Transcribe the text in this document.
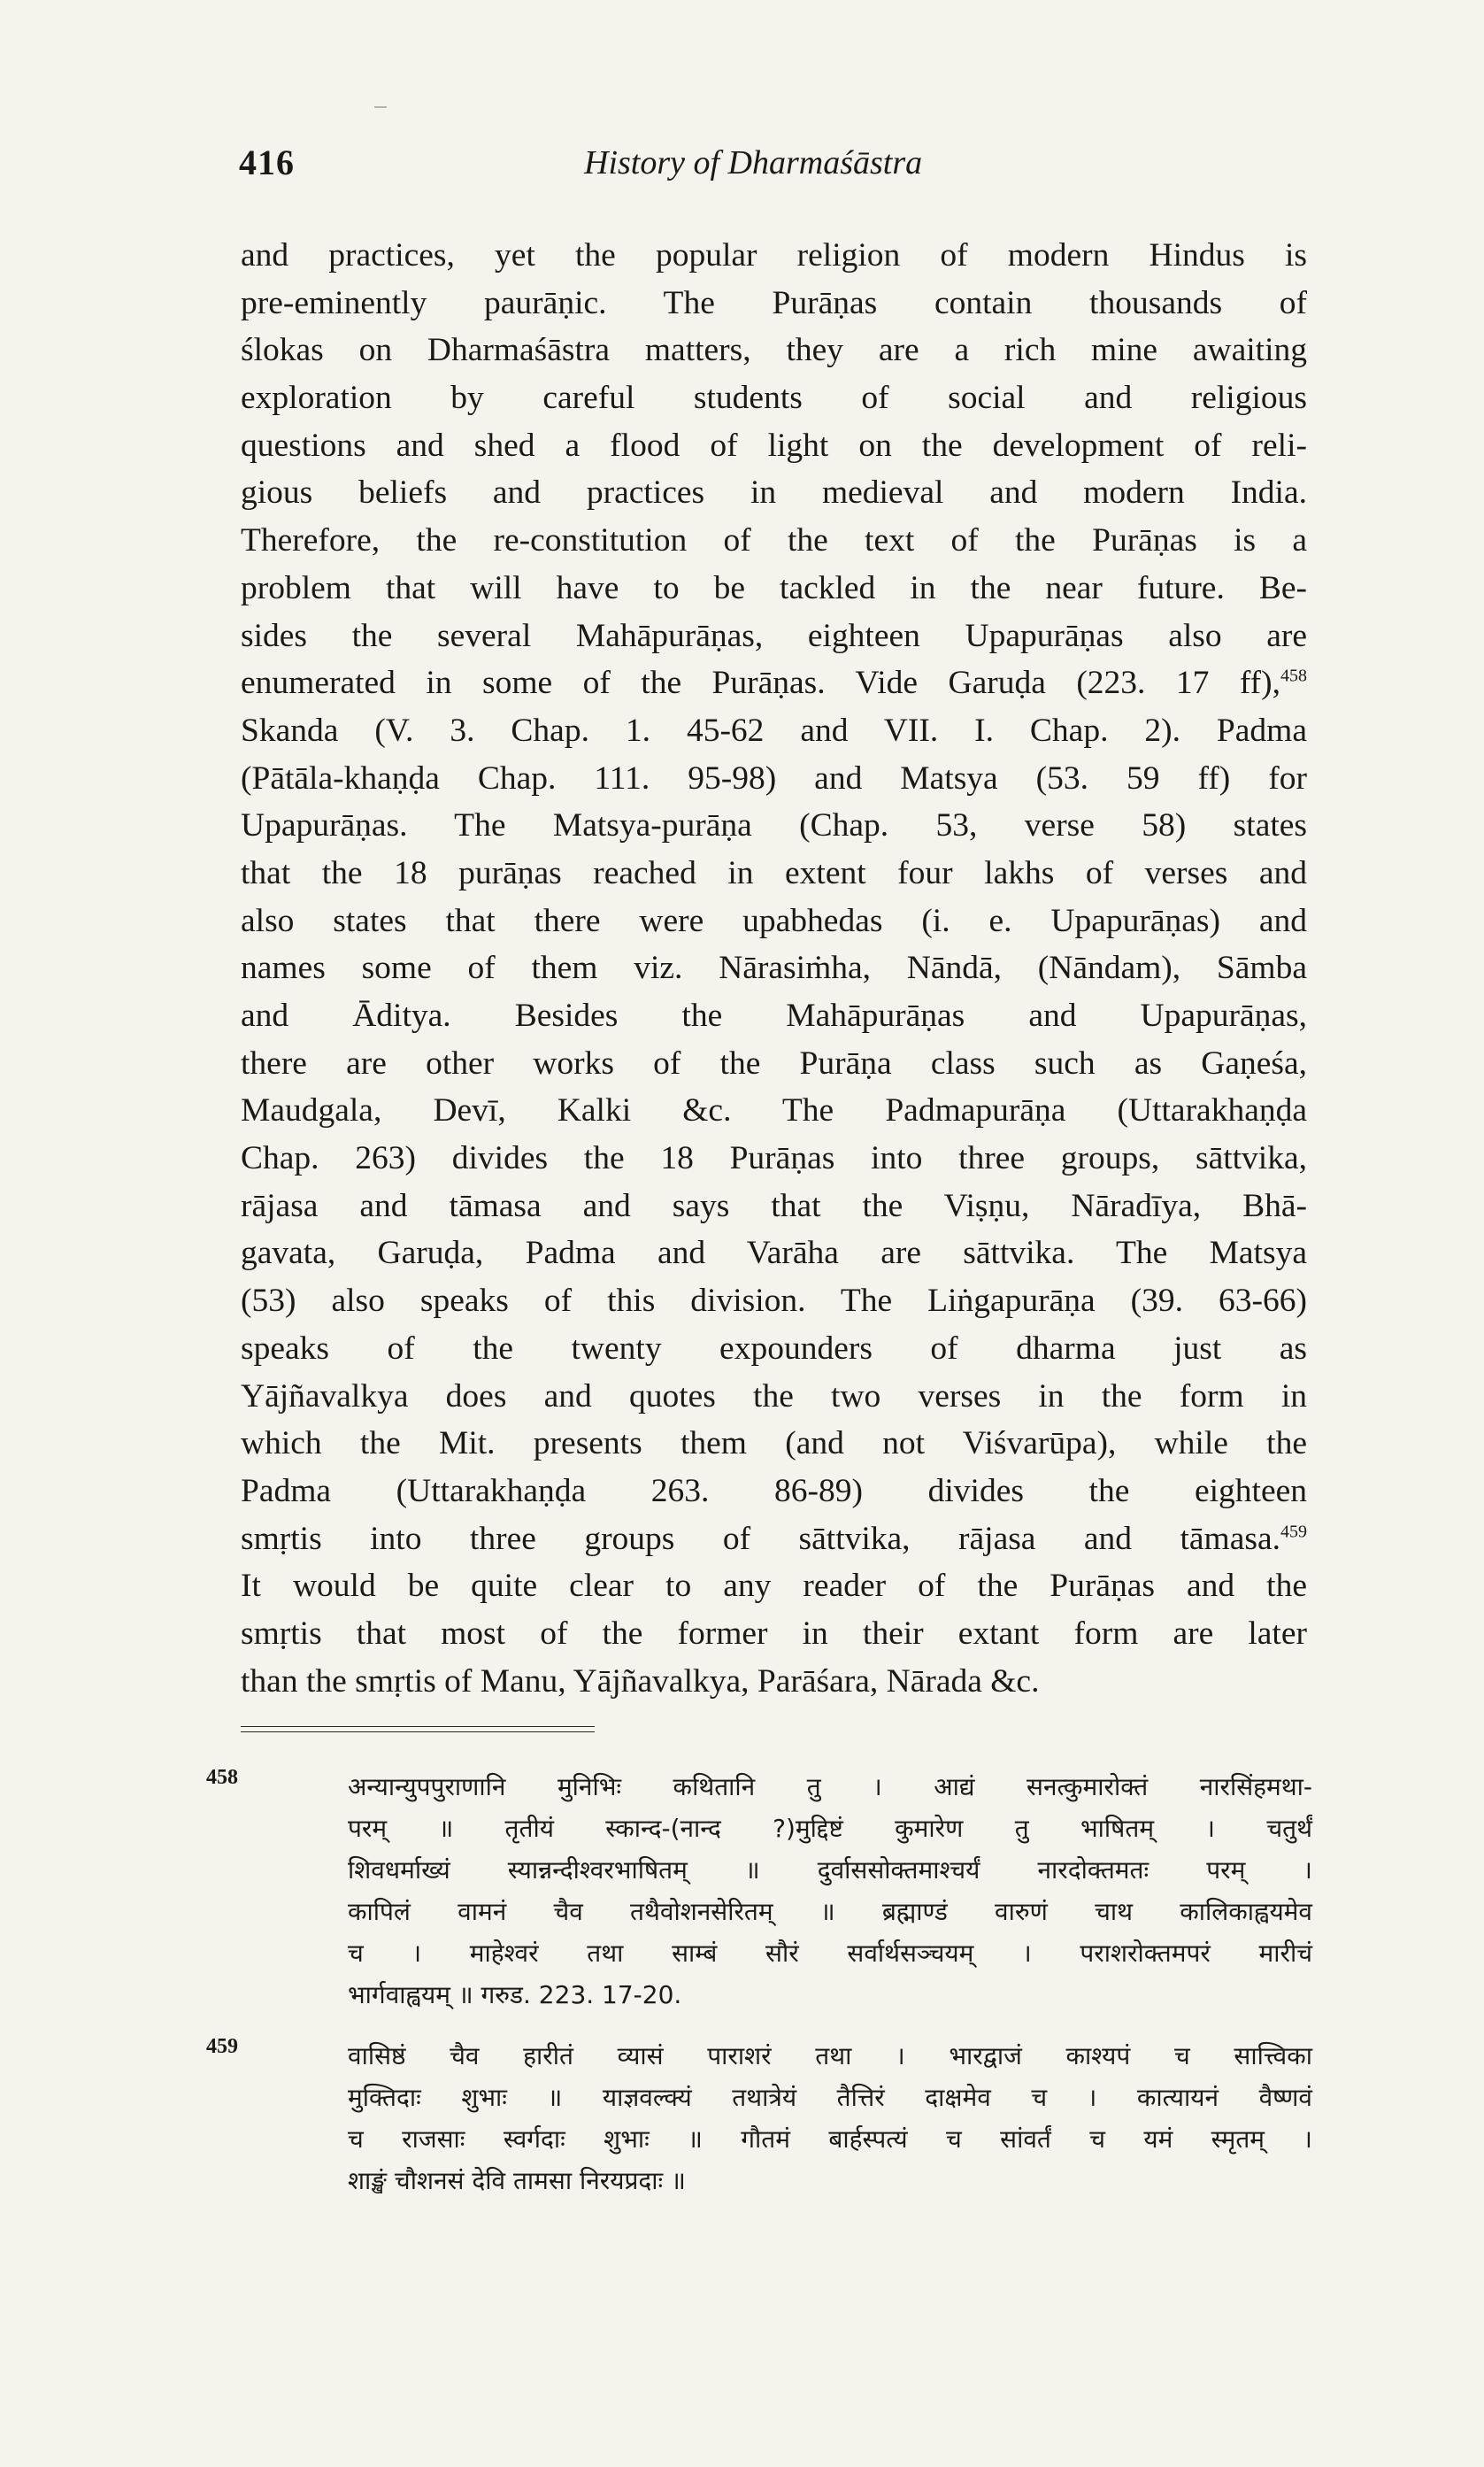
416	History of Dharmaśāstra
and practices, yet the popular religion of modern Hindus is
pre-eminently paurāṇic. The Purāṇas contain thousands of
ślokas on Dharmaśāstra matters, they are a rich mine awaiting
exploration by careful students of social and religious
questions and shed a flood of light on the development of reli-
gious beliefs and practices in medieval and modern India.
Therefore, the re-constitution of the text of the Purāṇas is a
problem that will have to be tackled in the near future. Be-
sides the several Mahāpurāṇas, eighteen Upapurāṇas also are
enumerated in some of the Purāṇas. Vide Garuḍa (223. 17 ff),$^{458}$
Skanda (V. 3. Chap. 1. 45-62 and VII. I. Chap. 2). Padma
(Pātāla-khaṇḍa Chap. 111. 95-98) and Matsya (53. 59 ff) for
Upapurāṇas. The Matsya-purāṇa (Chap. 53, verse 58) states
that the 18 purāṇas reached in extent four lakhs of verses and
also states that there were upabhedas (i. e. Upapurāṇas) and
names some of them viz. Nārasiṁha, Nāndā, (Nāndam), Sāmba
and Āditya. Besides the Mahāpurāṇas and Upapurāṇas,
there are other works of the Purāṇa class such as Gaṇeśa,
Maudgala, Devī, Kalki &c. The Padmapurāṇa (Uttarakhaṇḍa
Chap. 263) divides the 18 Purāṇas into three groups, sāttvika,
rājasa and tāmasa and says that the Viṣṇu, Nāradīya, Bhā-
gavata, Garuḍa, Padma and Varāha are sāttvika. The Matsya
(53) also speaks of this division. The Liṅgapurāṇa (39. 63-66)
speaks of the twenty expounders of dharma just as
Yājñavalkya does and quotes the two verses in the form in
which the Mit. presents them (and not Viśvarūpa), while the
Padma (Uttarakhaṇḍa 263. 86-89) divides the eighteen
smṛtis into three groups of sāttvika, rājasa and tāmasa.$^{459}$
It would be quite clear to any reader of the Purāṇas and the
smṛtis that most of the former in their extant form are later
than the smṛtis of Manu, Yājñavalkya, Parāśara, Nārada &c.
458	अन्यान्युपपुराणानि मुनिभिः कथितानि तु । आद्यं सनत्कुमारोक्तं नारसिंहमथा-
परम् ॥ तृतीयं स्कान्द-(नान्द ?)मुद्दिष्टं कुमारेण तु भाषितम् । चतुर्थं
शिवधर्माख्यं स्यान्नन्दीश्वरभाषितम् ॥ दुर्वाससोक्तमाश्चर्यं नारदोक्तमतः परम् ।
कापिलं वामनं चैव तथैवोशनसेरितम् ॥ ब्रह्माण्डं वारुणं चाथ कालिकाह्वयमेव
च । माहेश्वरं तथा साम्बं सौरं सर्वार्थसञ्चयम् । पराशरोक्तमपरं मारीचं
भार्गवाह्वयम् ॥ गरुड. 223. 17-20.
459	वासिष्ठं चैव हारीतं व्यासं पाराशरं तथा । भारद्वाजं काश्यपं च सात्त्विका
मुक्तिदाः शुभाः ॥ याज्ञवल्क्यं तथात्रेयं तैत्तिरं दाक्षमेव च । कात्यायनं वैष्णवं
च राजसाः स्वर्गदाः शुभाः ॥ गौतमं बार्हस्पत्यं च सांवर्तं च यमं स्मृतम् ।
शाङ्खं चौशनसं देवि तामसा निरयप्रदाः ॥
